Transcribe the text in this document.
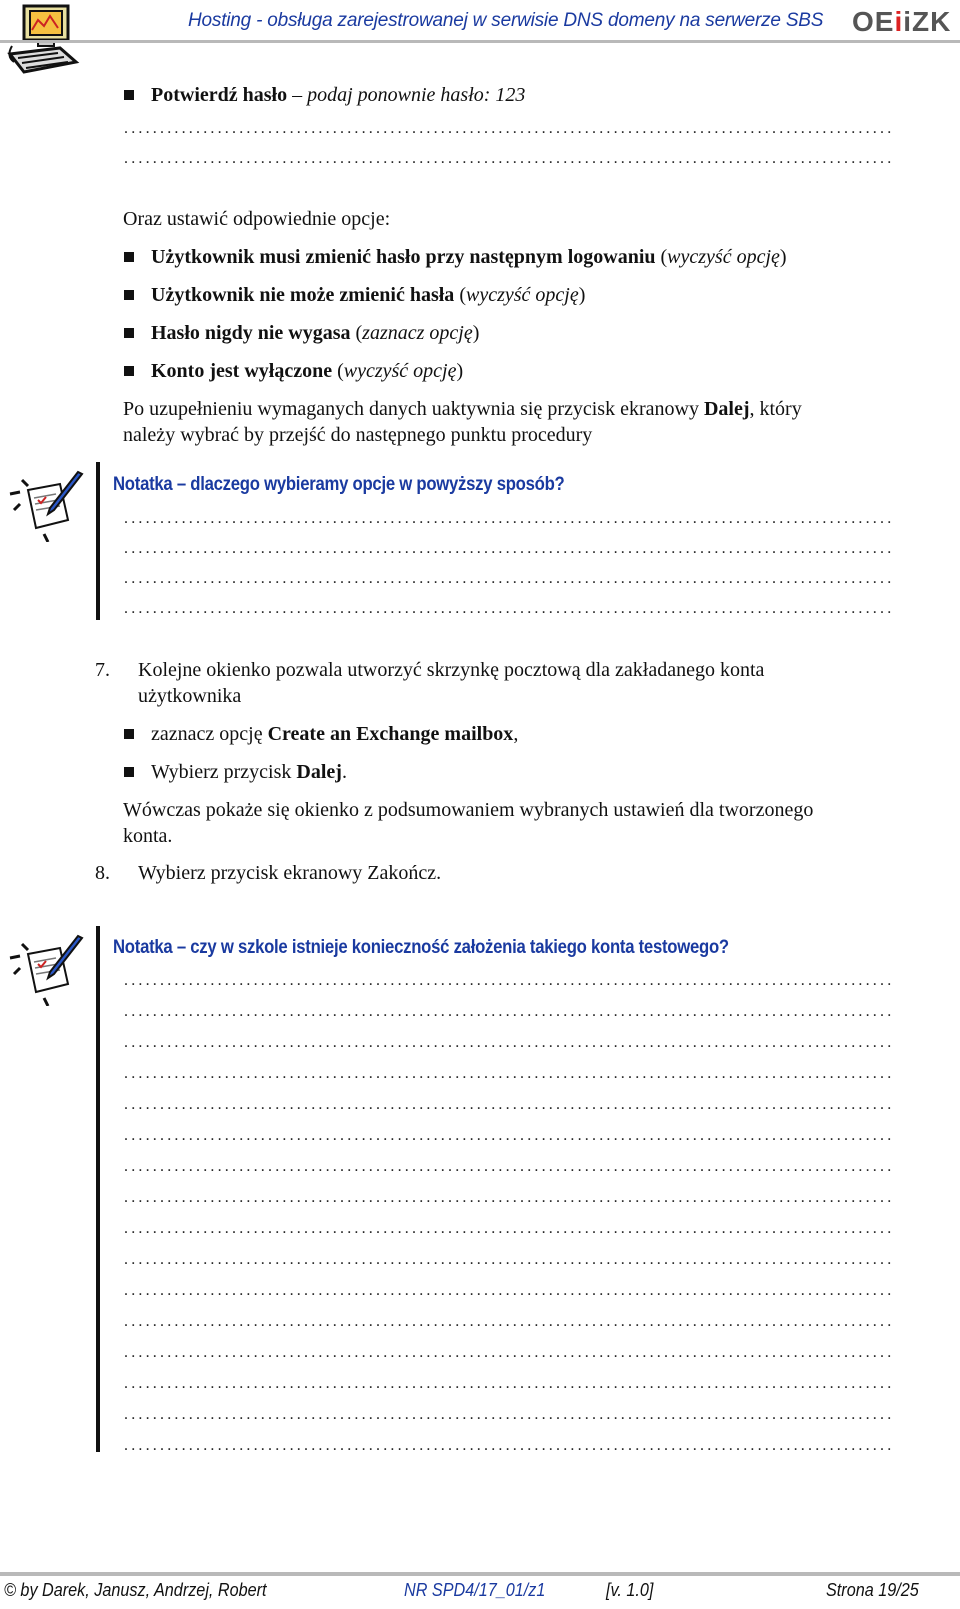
Hosting - obsługa zarejestrowanej w serwisie DNS domeny na serwerze SBS OEiiZK
Potwierdź hasło – podaj ponownie hasło: 123
...........................................................................................................
...........................................................................................................
Oraz ustawić odpowiednie opcje:
Użytkownik musi zmienić hasło przy następnym logowaniu (wyczyść opcję)
Użytkownik nie może zmienić hasła (wyczyść opcję)
Hasło nigdy nie wygasa (zaznacz opcję)
Konto jest wyłączone (wyczyść opcję)
Po uzupełnieniu wymaganych danych uaktywnia się przycisk ekranowy Dalej, który
należy wybrać by przejść do następnego punktu procedury
Notatka – dlaczego wybieramy opcje w powyższy sposób?
...........................................................................................................
...........................................................................................................
...........................................................................................................
...........................................................................................................
7. Kolejne okienko pozwala utworzyć skrzynkę pocztową dla zakładanego konta
użytkownika
zaznacz opcję Create an Exchange mailbox,
Wybierz przycisk Dalej.
Wówczas pokaże się okienko z podsumowaniem wybranych ustawień dla tworzonego
konta.
8. Wybierz przycisk ekranowy Zakończ.
Notatka – czy w szkole istnieje konieczność założenia takiego konta testowego?
...........................................................................................................
...........................................................................................................
...........................................................................................................
...........................................................................................................
...........................................................................................................
...........................................................................................................
...........................................................................................................
...........................................................................................................
...........................................................................................................
...........................................................................................................
...........................................................................................................
...........................................................................................................
...........................................................................................................
...........................................................................................................
...........................................................................................................
...........................................................................................................
© by Darek, Janusz, Andrzej, Robert	NR SPD4/17_01/z1	[v. 1.0]	Strona 19/25
